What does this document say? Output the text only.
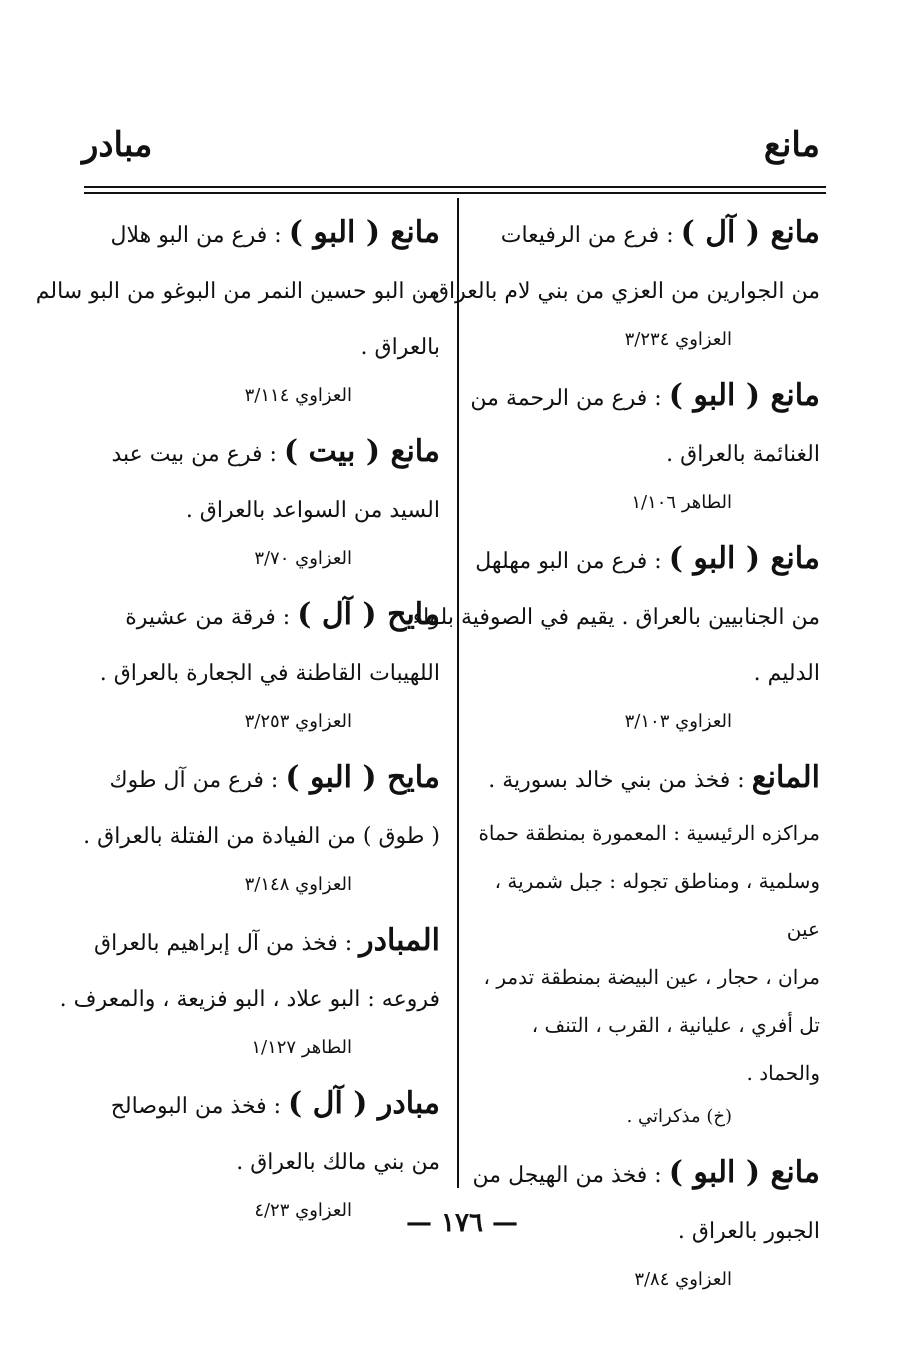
مانع
مبادر

مانع ( آل ) : فرع من الرفيعات

من الجوارين من العزي من بني لام بالعراق .

العزاوي ٣/٢٣٤

مانع ( البو ) : فرع من الرحمة من

الغنائمة بالعراق .

الطاهر ١/١٠٦

مانع ( البو ) : فرع من البو مهلهل

من الجنابيين بالعراق . يقيم في الصوفية بلواء

الدليم .

العزاوي ٣/١٠٣

المانع : فخذ من بني خالد بسورية .

مراكزه الرئيسية : المعمورة بمنطقة حماة

وسلمية ، ومناطق تجوله : جبل شمرية ، عين

مران ، حجار ، عين البيضة بمنطقة تدمر ،

تل أفري ، عليانية ، القرب ، التنف ، والحماد .

(خ) مذكراتي .

مانع ( البو ) : فخذ من الهيجل من

الجبور بالعراق .

العزاوي ٣/٨٤

مانع ( البو ) : فرع من البو هلال

من البو حسين النمر من البوغو من البو سالم

بالعراق .

العزاوي ٣/١١٤

مانع ( بيت ) : فرع من بيت عبد

السيد من السواعد بالعراق .

العزاوي ٣/٧٠

مايح ( آل ) : فرقة من عشيرة

اللهيبات القاطنة في الجعارة بالعراق .

العزاوي ٣/٢٥٣

مايح ( البو ) : فرع من آل طوك

( طوق ) من الفيادة من الفتلة بالعراق .

العزاوي ٣/١٤٨

المبادر : فخذ من آل إبراهيم بالعراق

فروعه : البو علاد ، البو فزيعة ، والمعرف .

الطاهر ١/١٢٧

مبادر ( آل ) : فخذ من البوصالح

من بني مالك بالعراق .

العزاوي ٤/٢٣	— ١٧٦ —
